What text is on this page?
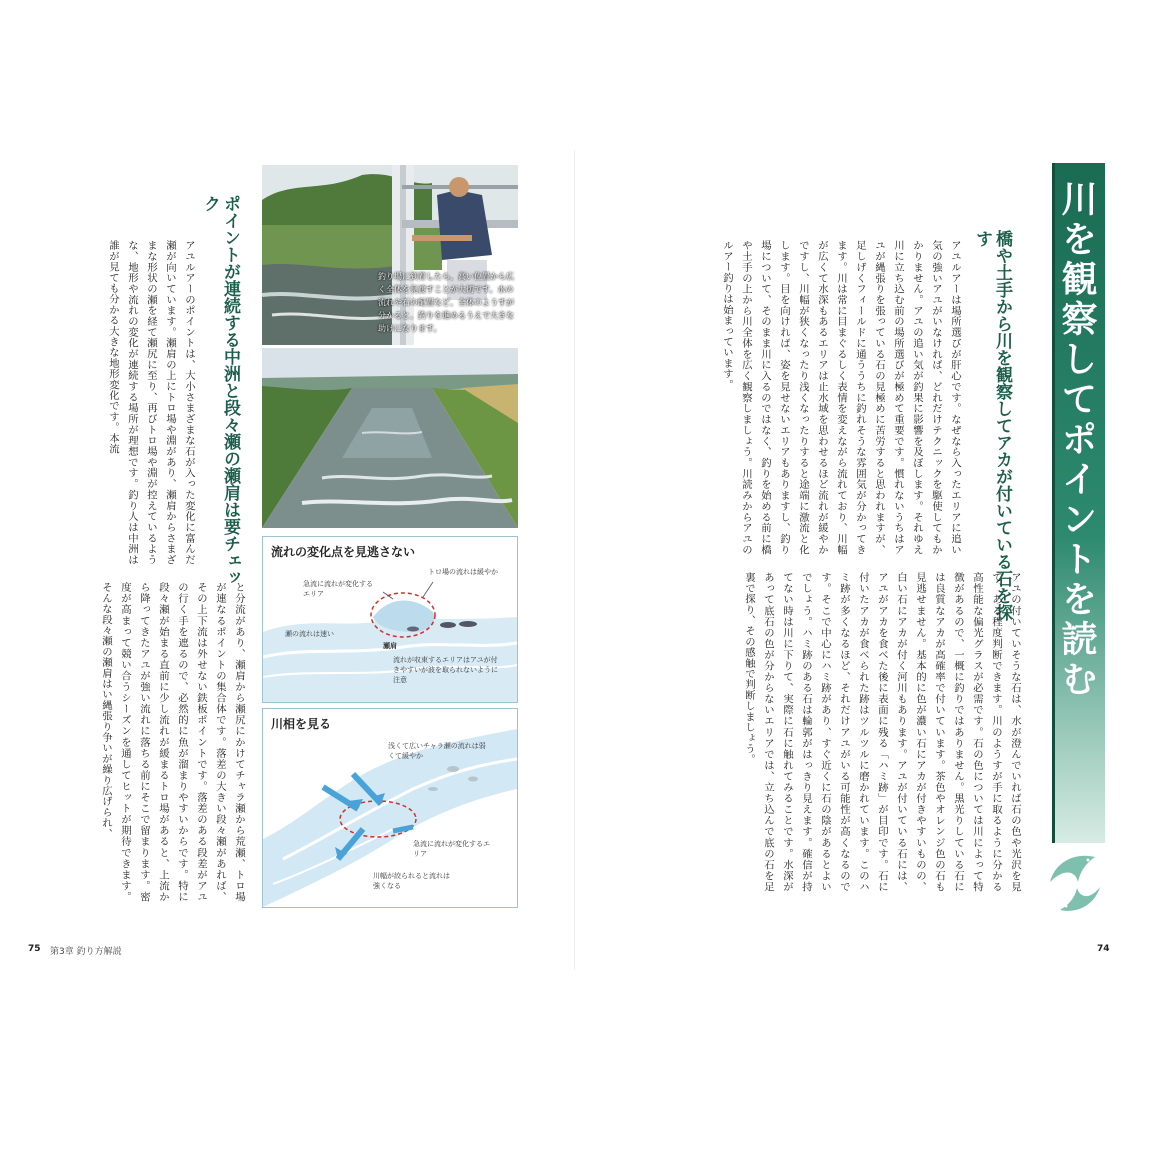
川を観察してポイントを読む
橋や土手から川を観察してアカが付いている石を探す
アユルアーは場所選びが肝心です。なぜなら入ったエリアに追い気の強いアユがいなければ、どれだけテクニックを駆使してもかかりません。アユの追い気が釣果に影響を及ぼします。それゆえ川に立ち込む前の場所選びが極めて重要です。慣れないうちはアユが縄張りを張っている石の見極めに苦労すると思われますが、足しげくフィールドに通ううちに釣れそうな雰囲気が分かってきます。川は常に目まぐるしく表情を変えながら流れており、川幅が広くて水深もあるエリアは止水域を思わせるほど流れが緩やかですし、川幅が狭くなったり浅くなったりすると途端に激流と化します。目を向ければ、姿を見せないエリアもありますし、釣り場について、そのまま川に入るのではなく、釣りを始める前に橋や土手の上から川全体を広く観察しましょう。川読みからアユのルアー釣りは始まっています。
アユの付いていそうな石は、水が澄んでいれば石の色や光沢を見て、ある程度判断できます。川のようすが手に取るように分かる高性能な偏光グラスが必需です。石の色については川によって特徴があるので、一概に釣りではありません。黒光りしている石には良質なアカが高確率で付いています。茶色やオレンジ色の石も見逃せません。基本的に色が濃い石にアカが付きやすいものの、白い石にアカが付く河川もあります。アユが付いている石には、アユがアカを食べた後に表面に残る「ハミ跡」が目印です。石に付いたアカが食べられた跡はツルツルに磨かれています。このハミ跡が多くなるほど、それだけアユがいる可能性が高くなるのです。そこで中心にハミ跡があり、すぐ近くに石の陰があるとよいでしょう。ハミ跡のある石は輪郭がはっきり見えます。確信が持てない時は川に下りて、実際に石に触れてみることです。水深があって底石の色が分からないエリアでは、立ち込んで底の石を足裏で探り、その感触で判断しましょう。
74
ポイントが連続する中洲と段々瀬の瀬肩は要チェック
アユルアーのポイントは、大小さまざまな石が入った変化に富んだ瀬が向いています。瀬肩の上にトロ場や淵があり、瀬肩からさまざまな形状の瀬を経て瀬尻に至り、再びトロ場や淵が控えているような、地形や流れの変化が連続する場所が理想です。釣り人は中洲は誰が見ても分かる大きな地形変化です。本流
と分流があり、瀬肩から瀬尻にかけてチャラ瀬から荒瀬、トロ場が連なるポイントの集合体です。落差の大きい段々瀬があれば、その上下流は外せない鉄板ポイントです。落差のある段差がアユの行く手を遮るので、必然的に魚が溜まりやすいからです。特に段々瀬が始まる直前に少し流れが緩まるトロ場があると、上流から降ってきたアユが強い流れに落ちる前にそこで留まります。密度が高まって競い合うシーズンを通してヒットが期待できます。そんな段々瀬の瀬肩はい縄張り争いが繰り広げられ、
釣り場に到着したら、高い位置から広く全体を見渡すことが大切です。水の流れや石の配置など、全体のようすが分かると、釣りを進めるうえで大きな助けになります。
流れの変化点を見逃さない
急流に流れが変化するエリア
トロ場の流れは緩やか
瀬の流れは速い
瀬肩
流れが収束するエリアはアユが付きやすいが波を取られないように注意
川相を見る
浅くて広いチャラ瀬の流れは弱くて緩やか
急流に流れが変化するエリア
川幅が絞られると流れは強くなる
75 第3章 釣り方解説
